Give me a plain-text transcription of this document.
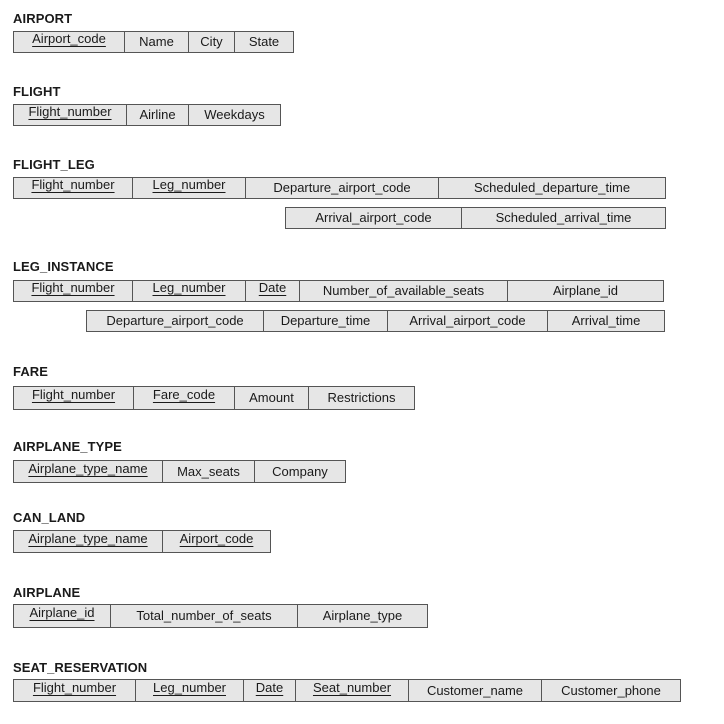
AIRPORT
Airport_code	Name	City	State
FLIGHT
Flight_number	Airline	Weekdays
FLIGHT_LEG
Flight_number	Leg_number	Departure_airport_code	Scheduled_departure_time
Arrival_airport_code	Scheduled_arrival_time
LEG_INSTANCE
Flight_number	Leg_number	Date	Number_of_available_seats	Airplane_id
Departure_airport_code	Departure_time	Arrival_airport_code	Arrival_time
FARE
Flight_number	Fare_code	Amount	Restrictions
AIRPLANE_TYPE
Airplane_type_name	Max_seats	Company
CAN_LAND
Airplane_type_name	Airport_code
AIRPLANE
Airplane_id	Total_number_of_seats	Airplane_type
SEAT_RESERVATION
Flight_number	Leg_number	Date	Seat_number	Customer_name	Customer_phone
